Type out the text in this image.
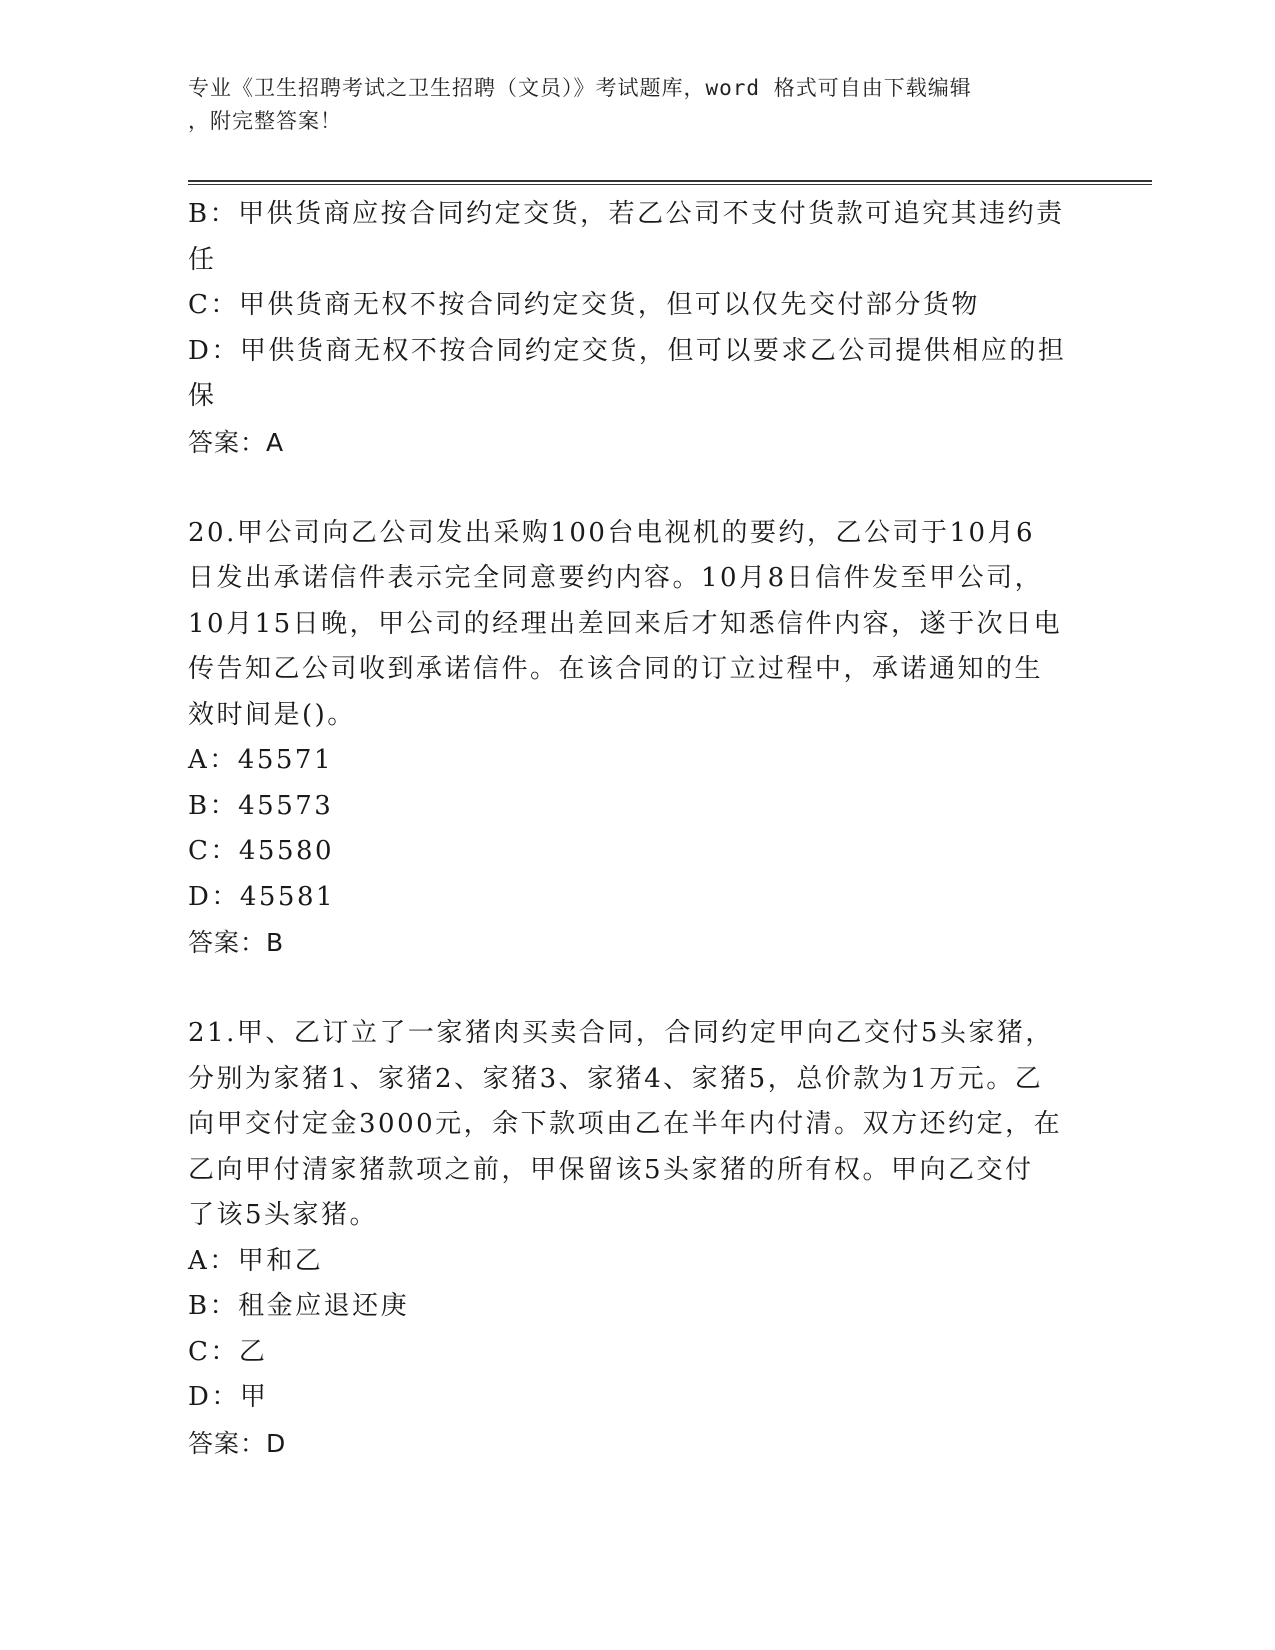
专业《卫生招聘考试之卫生招聘（文员）》考试题库，word 格式可自由下载编辑
，附完整答案！
B：甲供货商应按合同约定交货，若乙公司不支付货款可追究其违约责
任
C：甲供货商无权不按合同约定交货，但可以仅先交付部分货物
D：甲供货商无权不按合同约定交货，但可以要求乙公司提供相应的担
保
答案：A
20.甲公司向乙公司发出采购100台电视机的要约，乙公司于10月6
日发出承诺信件表示完全同意要约内容。10月8日信件发至甲公司，
10月15日晚，甲公司的经理出差回来后才知悉信件内容，遂于次日电
传告知乙公司收到承诺信件。在该合同的订立过程中，承诺通知的生
效时间是()。
A：45571
B：45573
C：45580
D：45581
答案：B
21.甲、乙订立了一家猪肉买卖合同，合同约定甲向乙交付5头家猪，
分别为家猪1、家猪2、家猪3、家猪4、家猪5，总价款为1万元。乙
向甲交付定金3000元，余下款项由乙在半年内付清。双方还约定，在
乙向甲付清家猪款项之前，甲保留该5头家猪的所有权。甲向乙交付
了该5头家猪。
A：甲和乙
B：租金应退还庚
C：乙
D：甲
答案：D
